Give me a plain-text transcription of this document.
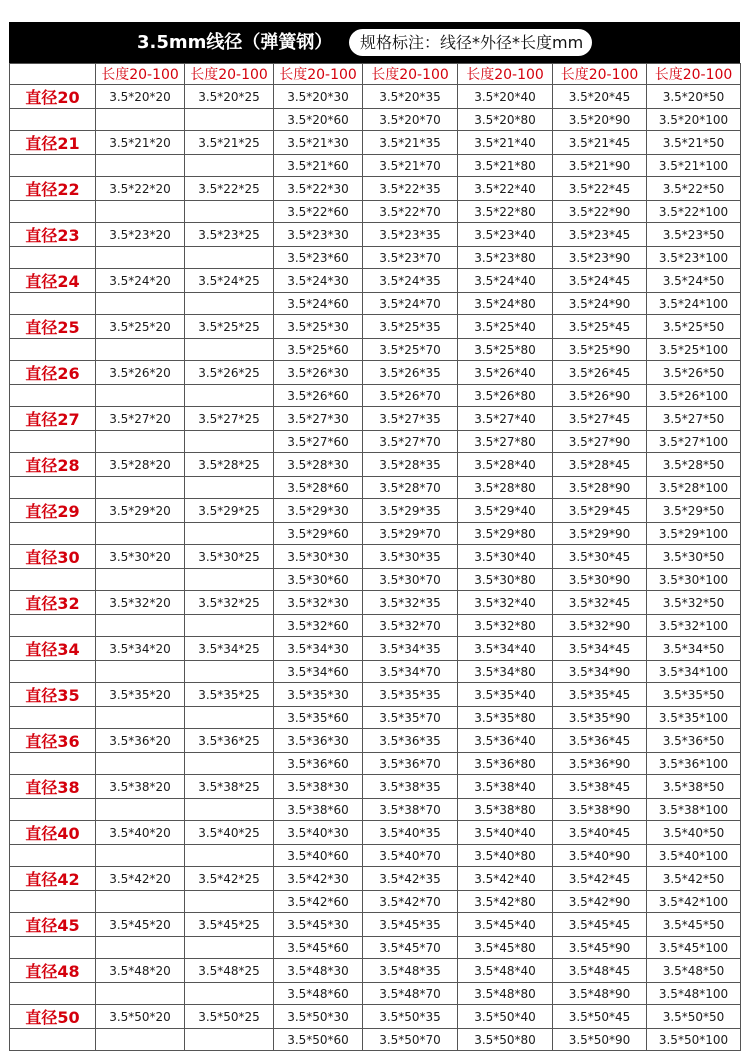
3.5mm线径（弹簧钢）	规格标注：线径*外径*长度mm
	长度20-100	长度20-100	长度20-100	长度20-100	长度20-100	长度20-100	长度20-100
直径20	3.5*20*20	3.5*20*25	3.5*20*30	3.5*20*35	3.5*20*40	3.5*20*45	3.5*20*50
			3.5*20*60	3.5*20*70	3.5*20*80	3.5*20*90	3.5*20*100
直径21	3.5*21*20	3.5*21*25	3.5*21*30	3.5*21*35	3.5*21*40	3.5*21*45	3.5*21*50
			3.5*21*60	3.5*21*70	3.5*21*80	3.5*21*90	3.5*21*100
直径22	3.5*22*20	3.5*22*25	3.5*22*30	3.5*22*35	3.5*22*40	3.5*22*45	3.5*22*50
			3.5*22*60	3.5*22*70	3.5*22*80	3.5*22*90	3.5*22*100
直径23	3.5*23*20	3.5*23*25	3.5*23*30	3.5*23*35	3.5*23*40	3.5*23*45	3.5*23*50
			3.5*23*60	3.5*23*70	3.5*23*80	3.5*23*90	3.5*23*100
直径24	3.5*24*20	3.5*24*25	3.5*24*30	3.5*24*35	3.5*24*40	3.5*24*45	3.5*24*50
			3.5*24*60	3.5*24*70	3.5*24*80	3.5*24*90	3.5*24*100
直径25	3.5*25*20	3.5*25*25	3.5*25*30	3.5*25*35	3.5*25*40	3.5*25*45	3.5*25*50
			3.5*25*60	3.5*25*70	3.5*25*80	3.5*25*90	3.5*25*100
直径26	3.5*26*20	3.5*26*25	3.5*26*30	3.5*26*35	3.5*26*40	3.5*26*45	3.5*26*50
			3.5*26*60	3.5*26*70	3.5*26*80	3.5*26*90	3.5*26*100
直径27	3.5*27*20	3.5*27*25	3.5*27*30	3.5*27*35	3.5*27*40	3.5*27*45	3.5*27*50
			3.5*27*60	3.5*27*70	3.5*27*80	3.5*27*90	3.5*27*100
直径28	3.5*28*20	3.5*28*25	3.5*28*30	3.5*28*35	3.5*28*40	3.5*28*45	3.5*28*50
			3.5*28*60	3.5*28*70	3.5*28*80	3.5*28*90	3.5*28*100
直径29	3.5*29*20	3.5*29*25	3.5*29*30	3.5*29*35	3.5*29*40	3.5*29*45	3.5*29*50
			3.5*29*60	3.5*29*70	3.5*29*80	3.5*29*90	3.5*29*100
直径30	3.5*30*20	3.5*30*25	3.5*30*30	3.5*30*35	3.5*30*40	3.5*30*45	3.5*30*50
			3.5*30*60	3.5*30*70	3.5*30*80	3.5*30*90	3.5*30*100
直径32	3.5*32*20	3.5*32*25	3.5*32*30	3.5*32*35	3.5*32*40	3.5*32*45	3.5*32*50
			3.5*32*60	3.5*32*70	3.5*32*80	3.5*32*90	3.5*32*100
直径34	3.5*34*20	3.5*34*25	3.5*34*30	3.5*34*35	3.5*34*40	3.5*34*45	3.5*34*50
			3.5*34*60	3.5*34*70	3.5*34*80	3.5*34*90	3.5*34*100
直径35	3.5*35*20	3.5*35*25	3.5*35*30	3.5*35*35	3.5*35*40	3.5*35*45	3.5*35*50
			3.5*35*60	3.5*35*70	3.5*35*80	3.5*35*90	3.5*35*100
直径36	3.5*36*20	3.5*36*25	3.5*36*30	3.5*36*35	3.5*36*40	3.5*36*45	3.5*36*50
			3.5*36*60	3.5*36*70	3.5*36*80	3.5*36*90	3.5*36*100
直径38	3.5*38*20	3.5*38*25	3.5*38*30	3.5*38*35	3.5*38*40	3.5*38*45	3.5*38*50
			3.5*38*60	3.5*38*70	3.5*38*80	3.5*38*90	3.5*38*100
直径40	3.5*40*20	3.5*40*25	3.5*40*30	3.5*40*35	3.5*40*40	3.5*40*45	3.5*40*50
			3.5*40*60	3.5*40*70	3.5*40*80	3.5*40*90	3.5*40*100
直径42	3.5*42*20	3.5*42*25	3.5*42*30	3.5*42*35	3.5*42*40	3.5*42*45	3.5*42*50
			3.5*42*60	3.5*42*70	3.5*42*80	3.5*42*90	3.5*42*100
直径45	3.5*45*20	3.5*45*25	3.5*45*30	3.5*45*35	3.5*45*40	3.5*45*45	3.5*45*50
			3.5*45*60	3.5*45*70	3.5*45*80	3.5*45*90	3.5*45*100
直径48	3.5*48*20	3.5*48*25	3.5*48*30	3.5*48*35	3.5*48*40	3.5*48*45	3.5*48*50
			3.5*48*60	3.5*48*70	3.5*48*80	3.5*48*90	3.5*48*100
直径50	3.5*50*20	3.5*50*25	3.5*50*30	3.5*50*35	3.5*50*40	3.5*50*45	3.5*50*50
			3.5*50*60	3.5*50*70	3.5*50*80	3.5*50*90	3.5*50*100
